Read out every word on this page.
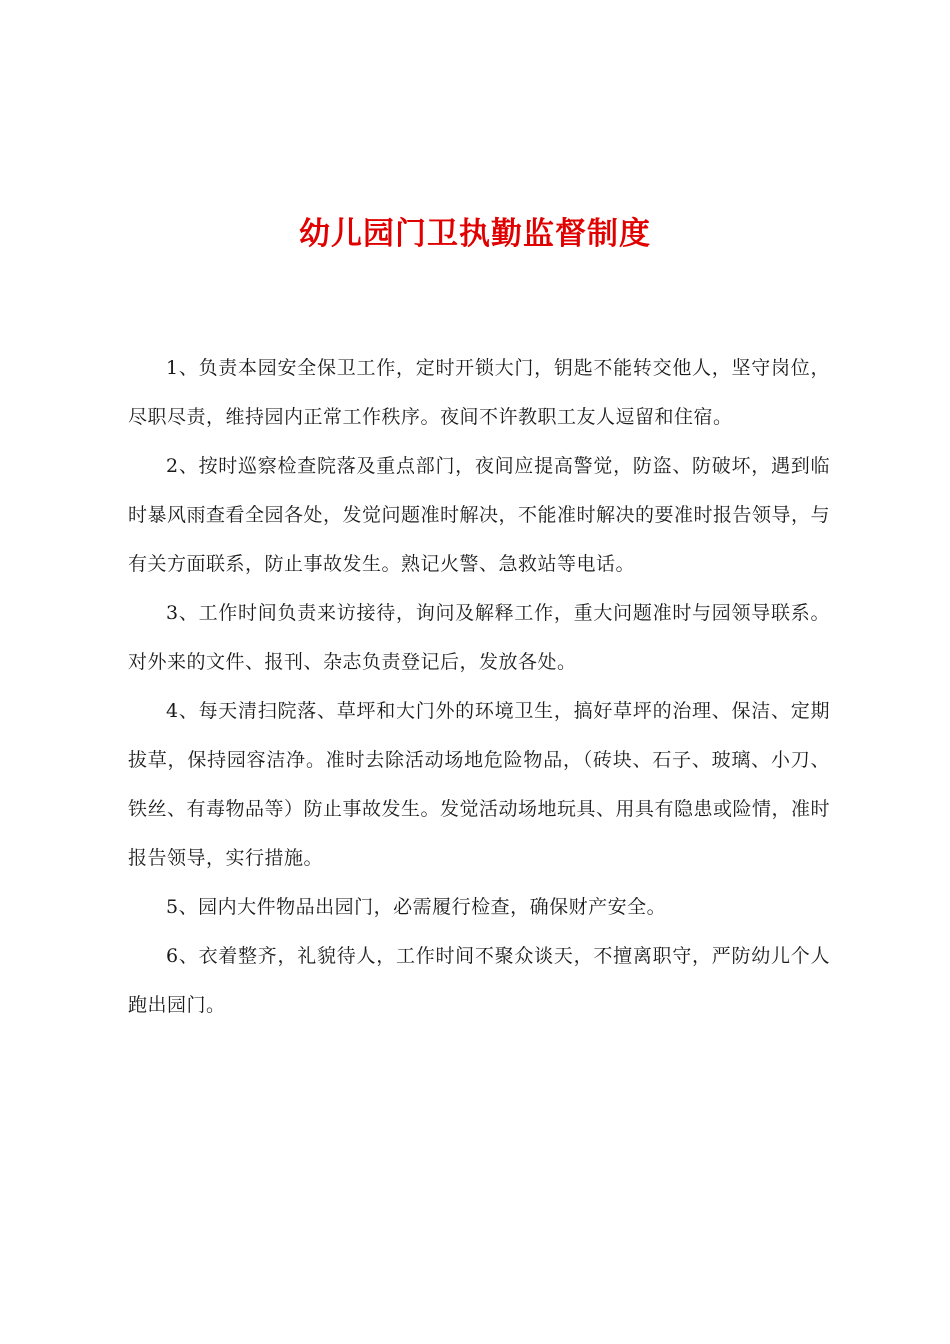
幼儿园门卫执勤监督制度

1、负责本园安全保卫工作，定时开锁大门，钥匙不能转交他人，坚守岗位，尽职尽责，维持园内正常工作秩序。夜间不许教职工友人逗留和住宿。

2、按时巡察检查院落及重点部门，夜间应提高警觉，防盗、防破坏，遇到临时暴风雨查看全园各处，发觉问题准时解决，不能准时解决的要准时报告领导，与有关方面联系，防止事故发生。熟记火警、急救站等电话。

3、工作时间负责来访接待，询问及解释工作，重大问题准时与园领导联系。对外来的文件、报刊、杂志负责登记后，发放各处。

4、每天清扫院落、草坪和大门外的环境卫生，搞好草坪的治理、保洁、定期拔草，保持园容洁净。准时去除活动场地危险物品，（砖块、石子、玻璃、小刀、铁丝、有毒物品等）防止事故发生。发觉活动场地玩具、用具有隐患或险情，准时报告领导，实行措施。

5、园内大件物品出园门，必需履行检查，确保财产安全。

6、衣着整齐，礼貌待人，工作时间不聚众谈天，不擅离职守，严防幼儿个人跑出园门。
